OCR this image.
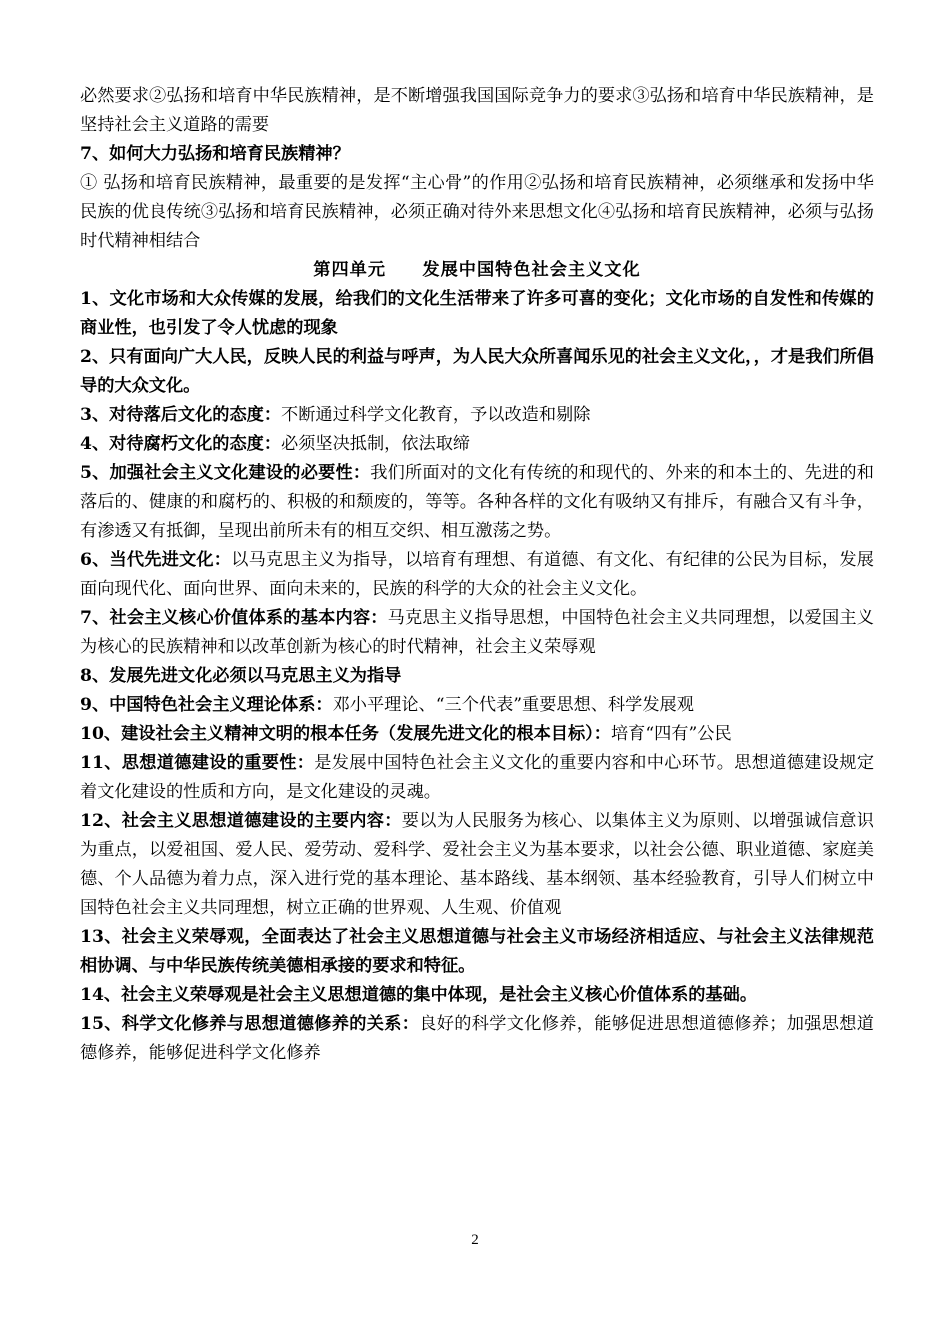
必然要求②弘扬和培育中华民族精神，是不断增强我国国际竞争力的要求③弘扬和培育中华民族精神，是坚持社会主义道路的需要
7、如何大力弘扬和培育民族精神？
① 弘扬和培育民族精神，最重要的是发挥“主心骨”的作用②弘扬和培育民族精神，必须继承和发扬中华民族的优良传统③弘扬和培育民族精神，必须正确对待外来思想文化④弘扬和培育民族精神，必须与弘扬时代精神相结合
第四单元　　发展中国特色社会主义文化
1、文化市场和大众传媒的发展，给我们的文化生活带来了许多可喜的变化；文化市场的自发性和传媒的商业性，也引发了令人忧虑的现象
2、只有面向广大人民，反映人民的利益与呼声，为人民大众所喜闻乐见的社会主义文化，，才是我们所倡导的大众文化。
3、对待落后文化的态度：不断通过科学文化教育，予以改造和剔除
4、对待腐朽文化的态度：必须坚决抵制，依法取缔
5、加强社会主义文化建设的必要性：我们所面对的文化有传统的和现代的、外来的和本土的、先进的和落后的、健康的和腐朽的、积极的和颓废的，等等。各种各样的文化有吸纳又有排斥，有融合又有斗争，有渗透又有抵御，呈现出前所未有的相互交织、相互激荡之势。
6、当代先进文化：以马克思主义为指导，以培育有理想、有道德、有文化、有纪律的公民为目标，发展面向现代化、面向世界、面向未来的，民族的科学的大众的社会主义文化。
7、社会主义核心价值体系的基本内容：马克思主义指导思想，中国特色社会主义共同理想，以爱国主义为核心的民族精神和以改革创新为核心的时代精神，社会主义荣辱观
8、发展先进文化必须以马克思主义为指导
9、中国特色社会主义理论体系：邓小平理论、“三个代表”重要思想、科学发展观
10、建设社会主义精神文明的根本任务（发展先进文化的根本目标）：培育“四有”公民
11、思想道德建设的重要性：是发展中国特色社会主义文化的重要内容和中心环节。思想道德建设规定着文化建设的性质和方向，是文化建设的灵魂。
12、社会主义思想道德建设的主要内容：要以为人民服务为核心、以集体主义为原则、以增强诚信意识为重点，以爱祖国、爱人民、爱劳动、爱科学、爱社会主义为基本要求，以社会公德、职业道德、家庭美德、个人品德为着力点，深入进行党的基本理论、基本路线、基本纲领、基本经验教育，引导人们树立中国特色社会主义共同理想，树立正确的世界观、人生观、价值观
13、社会主义荣辱观，全面表达了社会主义思想道德与社会主义市场经济相适应、与社会主义法律规范相协调、与中华民族传统美德相承接的要求和特征。
14、社会主义荣辱观是社会主义思想道德的集中体现，是社会主义核心价值体系的基础。
15、科学文化修养与思想道德修养的关系：良好的科学文化修养，能够促进思想道德修养；加强思想道德修养，能够促进科学文化修养
2
